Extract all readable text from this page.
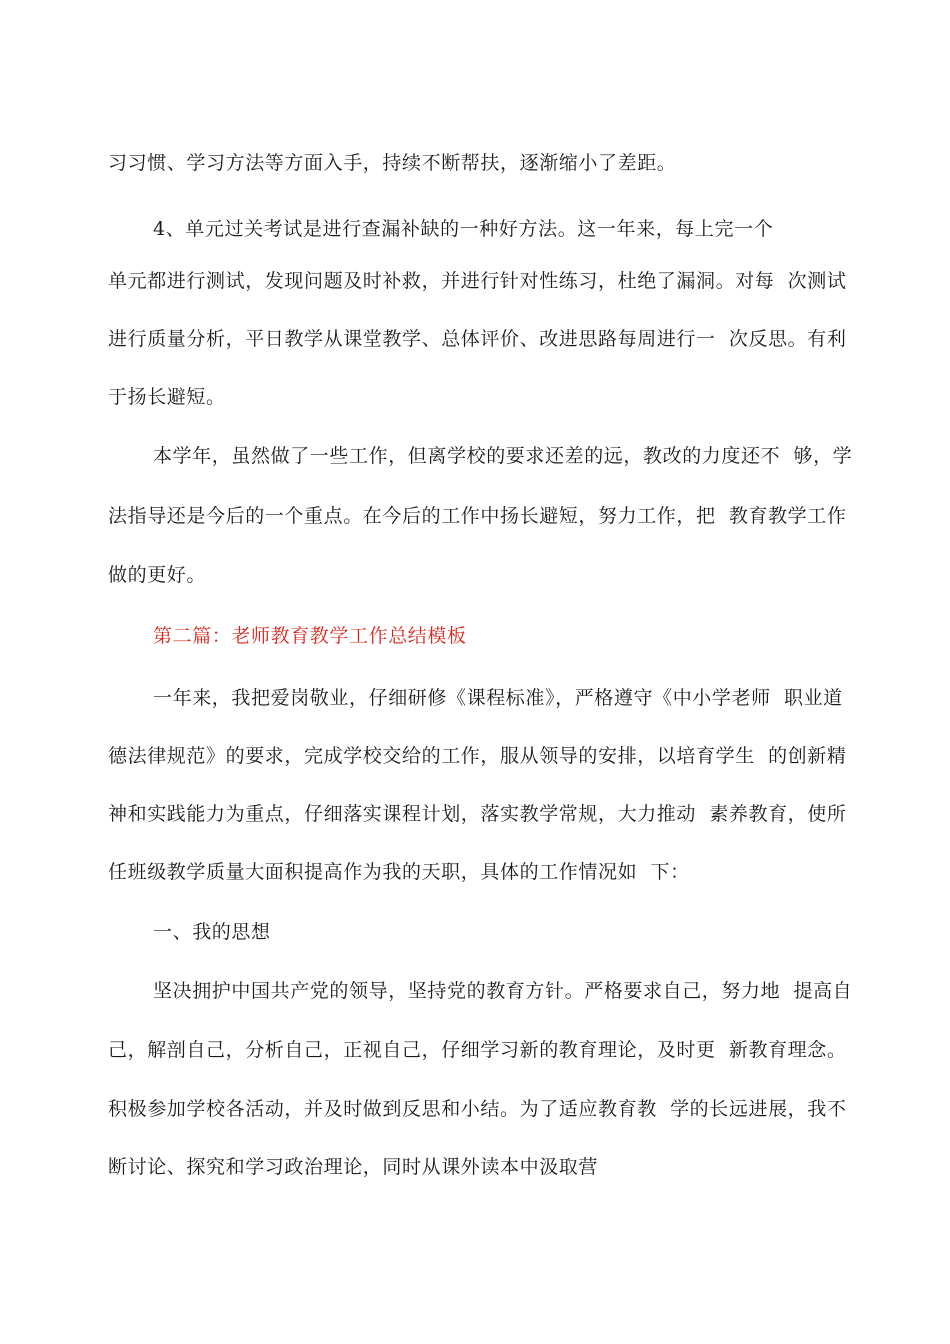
习习惯、学习方法等方面入手，持续不断帮扶，逐渐缩小了差距。
4、单元过关考试是进行查漏补缺的一种好方法。这一年来，每上完一个
单元都进行测试，发现问题及时补救，并进行针对性练习，杜绝了漏洞。对每  次测试
进行质量分析，平日教学从课堂教学、总体评价、改进思路每周进行一  次反思。有利
于扬长避短。
本学年，虽然做了一些工作，但离学校的要求还差的远，教改的力度还不  够，学
法指导还是今后的一个重点。在今后的工作中扬长避短，努力工作，把  教育教学工作
做的更好。
第二篇：老师教育教学工作总结模板
一年来，我把爱岗敬业，仔细研修《课程标准》，严格遵守《中小学老师  职业道
德法律规范》的要求，完成学校交给的工作，服从领导的安排，以培育学生  的创新精
神和实践能力为重点，仔细落实课程计划，落实教学常规，大力推动  素养教育，使所
任班级教学质量大面积提高作为我的天职，具体的工作情况如  下：
一、我的思想
坚决拥护中国共产党的领导，坚持党的教育方针。严格要求自己，努力地  提高自
己，解剖自己，分析自己，正视自己，仔细学习新的教育理论，及时更  新教育理念。
积极参加学校各活动，并及时做到反思和小结。为了适应教育教  学的长远进展，我不
断讨论、探究和学习政治理论，同时从课外读本中汲取营
